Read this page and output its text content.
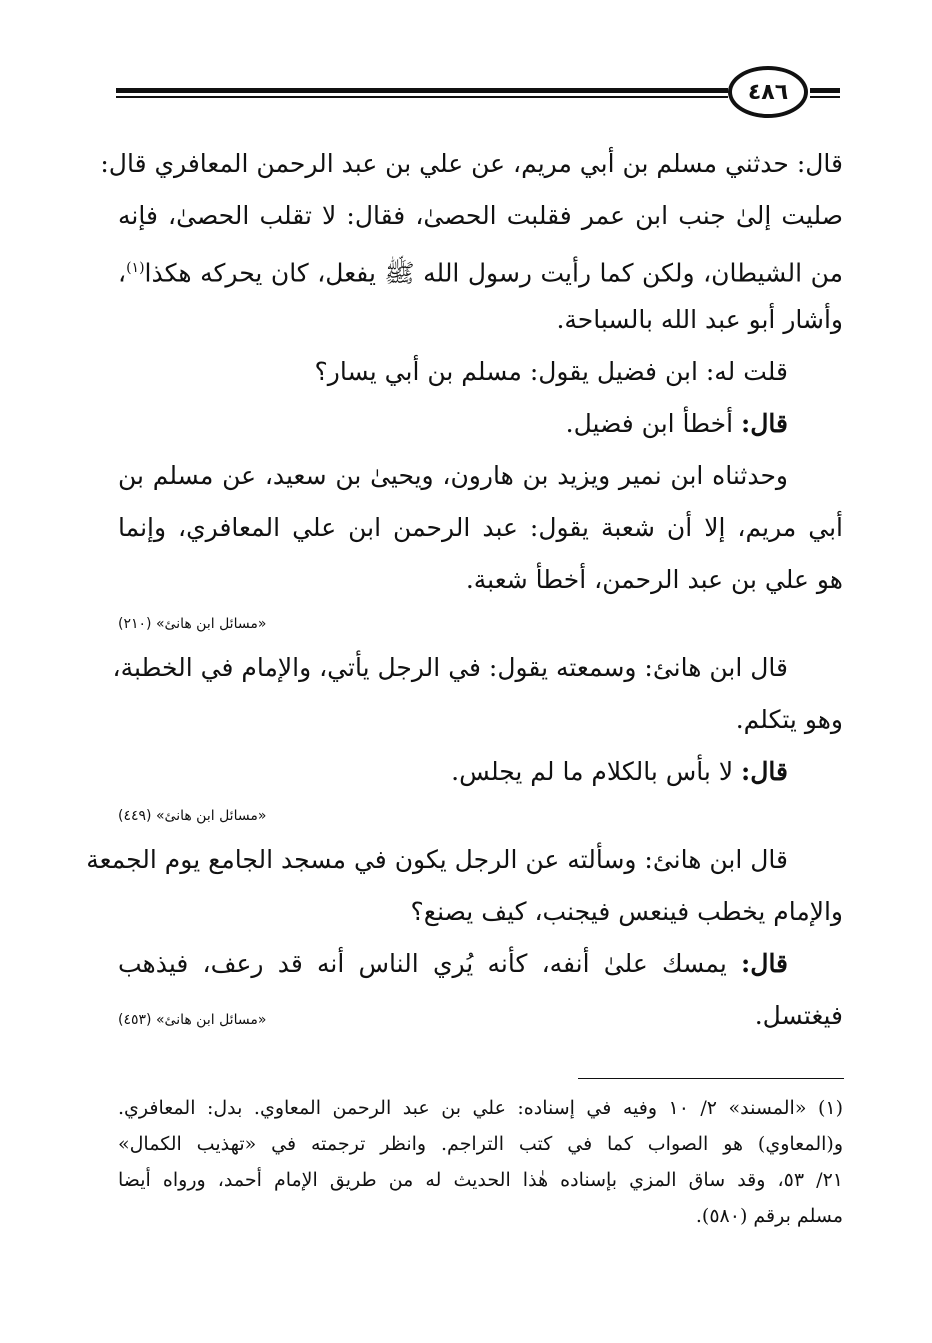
٤٨٦
قال: حدثني مسلم بن أبي مريم، عن علي بن عبد الرحمن المعافري قال:
صليت إلىٰ جنب ابن عمر فقلبت الحصىٰ، فقال: لا تقلب الحصىٰ، فإنه
من الشيطان، ولكن كما رأيت رسول الله ﷺ يفعل، كان يحركه هكذا$^{(١)}$،
وأشار أبو عبد الله بالسباحة.
قلت له: ابن فضيل يقول: مسلم بن أبي يسار؟
قال: أخطأ ابن فضيل.
وحدثناه ابن نمير ويزيد بن هارون، ويحيىٰ بن سعيد، عن مسلم بن
أبي مريم، إلا أن شعبة يقول: عبد الرحمن ابن علي المعافري، وإنما
هو علي بن عبد الرحمن، أخطأ شعبة.
«مسائل ابن هانئ» (٢١٠)
قال ابن هانئ: وسمعته يقول: في الرجل يأتي، والإمام في الخطبة،
وهو يتكلم.
قال: لا بأس بالكلام ما لم يجلس.
«مسائل ابن هانئ» (٤٤٩)
قال ابن هانئ: وسألته عن الرجل يكون في مسجد الجامع يوم الجمعة
والإمام يخطب فينعس فيجنب، كيف يصنع؟
قال: يمسك علىٰ أنفه، كأنه يُري الناس أنه قد رعف، فيذهب
فيغتسل.
«مسائل ابن هانئ» (٤٥٣)
(١) «المسند» ٢/ ١٠ وفيه في إسناده: علي بن عبد الرحمن المعاوي. بدل: المعافري.
و(المعاوي) هو الصواب كما في كتب التراجم. وانظر ترجمته في «تهذيب الكمال»
٢١/ ٥٣، وقد ساق المزي بإسناده هٰذا الحديث له من طريق الإمام أحمد، ورواه أيضا
مسلم برقم (٥٨٠).
